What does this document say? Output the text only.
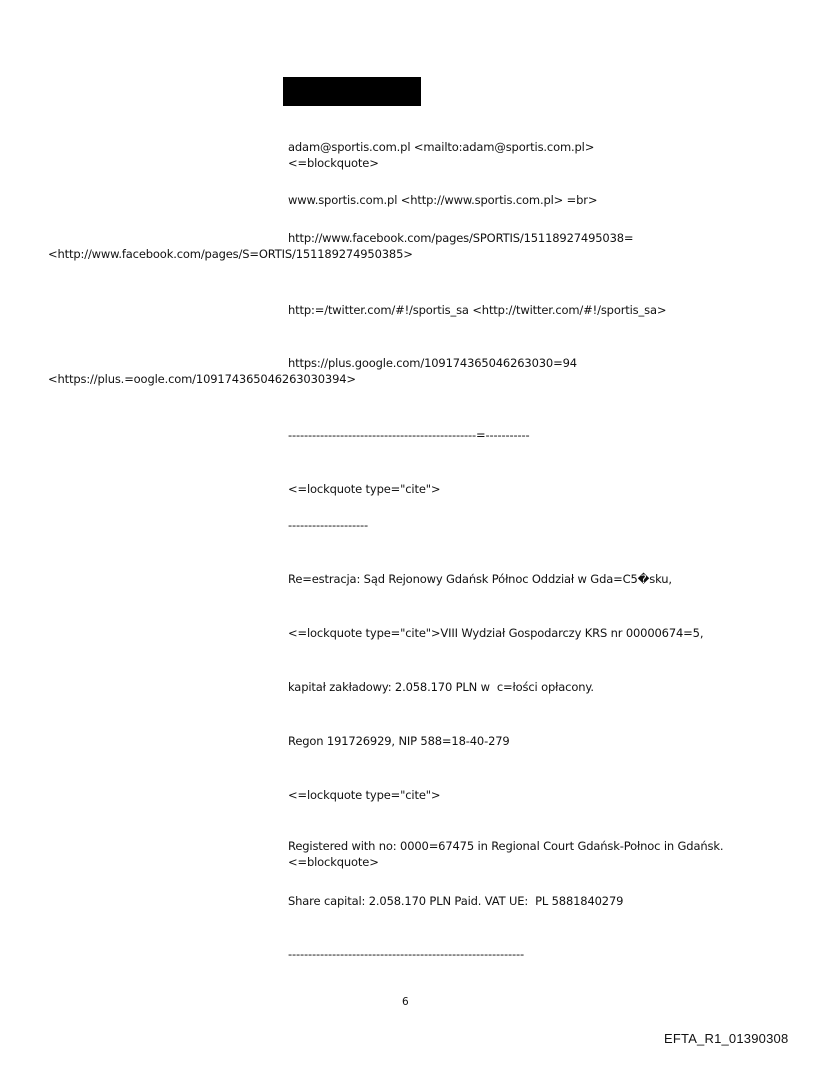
adam@sportis.com.pl <mailto:adam@sportis.com.pl>
<=blockquote>
www.sportis.com.pl <http://www.sportis.com.pl> =br>
http://www.facebook.com/pages/SPORTIS/15118927495038=
<http://www.facebook.com/pages/S=ORTIS/151189274950385>
http:=/twitter.com/#!/sportis_sa <http://twitter.com/#!/sportis_sa>
https://plus.google.com/109174365046263030=94
<https://plus.=oogle.com/109174365046263030394>
-----------------------------------------------=-----------
<=lockquote type="cite">
--------------------
Re=estracja: Sąd Rejonowy Gdańsk Północ Oddział w Gda=C5�sku,
<=lockquote type="cite">VIII Wydział Gospodarczy KRS nr 00000674=5,
kapitał zakładowy: 2.058.170 PLN w  c=łości opłacony.
Regon 191726929, NIP 588=18-40-279
<=lockquote type="cite">
Registered with no: 0000=67475 in Regional Court Gdańsk-Połnoc in Gdańsk.
<=blockquote>
Share capital: 2.058.170 PLN Paid. VAT UE:  PL 5881840279
-----------------------------------------------------------
6
EFTA_R1_01390308
